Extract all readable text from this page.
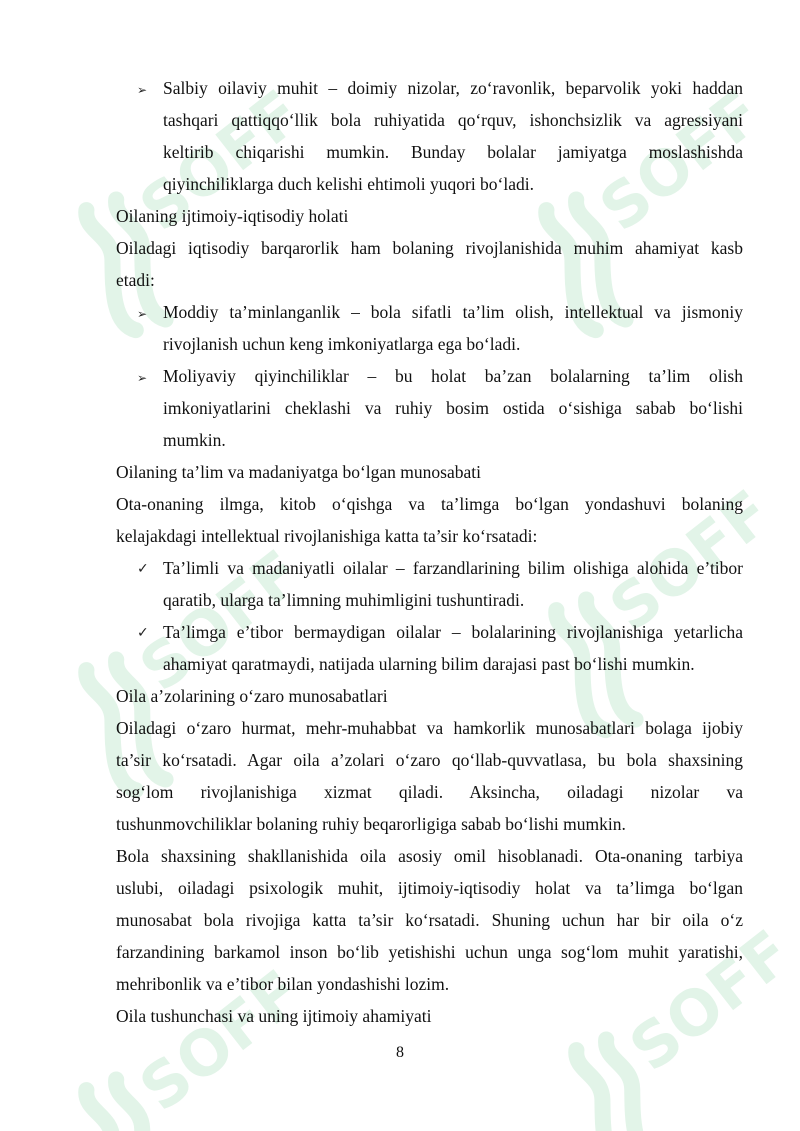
SOFF
➢ Salbiy oilaviy muhit – doimiy nizolar, zo‘ravonlik, beparvolik yoki haddan
tashqari qattiqqo‘llik bola ruhiyatida qo‘rquv, ishonchsizlik va agressiyani
keltirib chiqarishi mumkin. Bunday bolalar jamiyatga moslashishda
qiyinchiliklarga duch kelishi ehtimoli yuqori bo‘ladi.
Oilaning ijtimoiy-iqtisodiy holati
Oiladagi iqtisodiy barqarorlik ham bolaning rivojlanishida muhim ahamiyat kasb
etadi:
➢ Moddiy ta’minlanganlik – bola sifatli ta’lim olish, intellektual va jismoniy
rivojlanish uchun keng imkoniyatlarga ega bo‘ladi.
➢ Moliyaviy qiyinchiliklar – bu holat ba’zan bolalarning ta’lim olish
imkoniyatlarini cheklashi va ruhiy bosim ostida o‘sishiga sabab bo‘lishi
mumkin.
Oilaning ta’lim va madaniyatga bo‘lgan munosabati
Ota-onaning ilmga, kitob o‘qishga va ta’limga bo‘lgan yondashuvi bolaning
kelajakdagi intellektual rivojlanishiga katta ta’sir ko‘rsatadi:
✓ Ta’limli va madaniyatli oilalar – farzandlarining bilim olishiga alohida e’tibor
qaratib, ularga ta’limning muhimligini tushuntiradi.
✓ Ta’limga e’tibor bermaydigan oilalar – bolalarining rivojlanishiga yetarlicha
ahamiyat qaratmaydi, natijada ularning bilim darajasi past bo‘lishi mumkin.
Oila a’zolarining o‘zaro munosabatlari
Oiladagi o‘zaro hurmat, mehr-muhabbat va hamkorlik munosabatlari bolaga ijobiy
ta’sir ko‘rsatadi. Agar oila a’zolari o‘zaro qo‘llab-quvvatlasa, bu bola shaxsining
sog‘lom rivojlanishiga xizmat qiladi. Aksincha, oiladagi nizolar va
tushunmovchiliklar bolaning ruhiy beqarorligiga sabab bo‘lishi mumkin.
Bola shaxsining shakllanishida oila asosiy omil hisoblanadi. Ota-onaning tarbiya
uslubi, oiladagi psixologik muhit, ijtimoiy-iqtisodiy holat va ta’limga bo‘lgan
munosabat bola rivojiga katta ta’sir ko‘rsatadi. Shuning uchun har bir oila o‘z
farzandining barkamol inson bo‘lib yetishishi uchun unga sog‘lom muhit yaratishi,
mehribonlik va e’tibor bilan yondashishi lozim.
Oila tushunchasi va uning ijtimoiy ahamiyati
8
